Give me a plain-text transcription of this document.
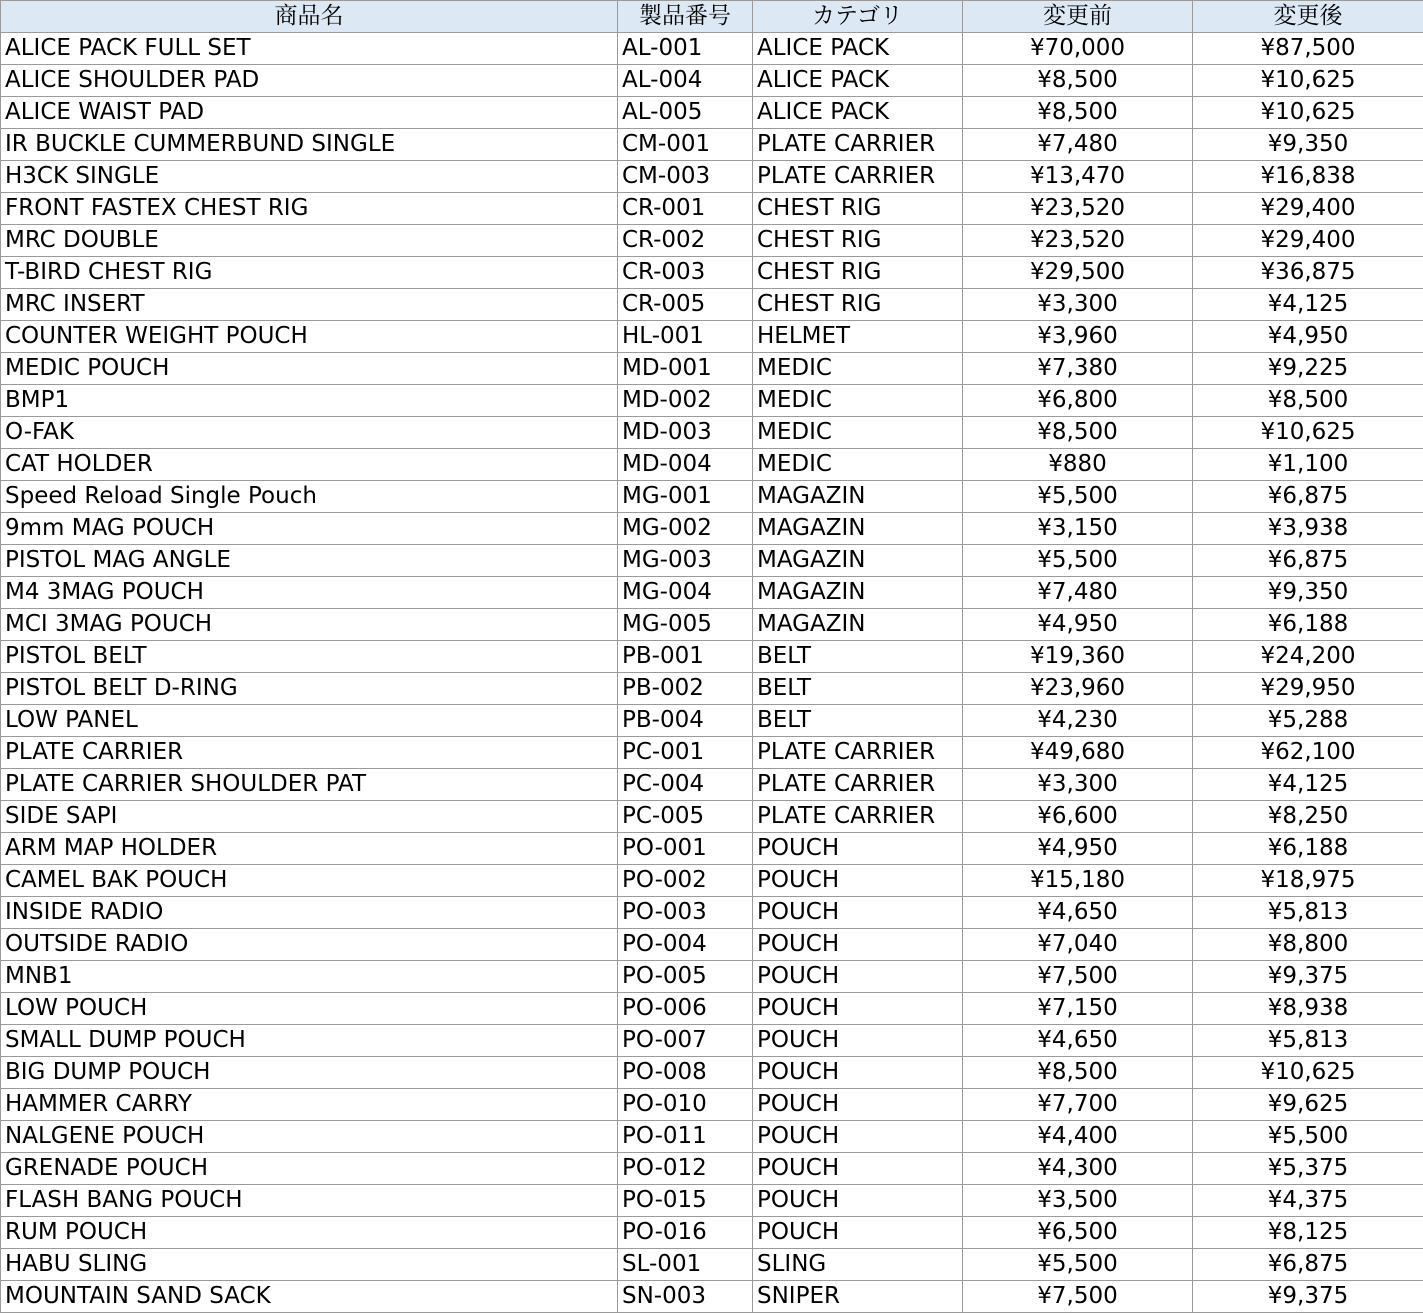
商品名	製品番号	カテゴリ	変更前	変更後
ALICE PACK FULL SET	AL-001	ALICE PACK	¥70,000	¥87,500
ALICE SHOULDER PAD	AL-004	ALICE PACK	¥8,500	¥10,625
ALICE WAIST PAD	AL-005	ALICE PACK	¥8,500	¥10,625
IR BUCKLE CUMMERBUND SINGLE	CM-001	PLATE CARRIER	¥7,480	¥9,350
H3CK SINGLE	CM-003	PLATE CARRIER	¥13,470	¥16,838
FRONT FASTEX CHEST RIG	CR-001	CHEST RIG	¥23,520	¥29,400
MRC DOUBLE	CR-002	CHEST RIG	¥23,520	¥29,400
T-BIRD CHEST RIG	CR-003	CHEST RIG	¥29,500	¥36,875
MRC INSERT	CR-005	CHEST RIG	¥3,300	¥4,125
COUNTER WEIGHT POUCH	HL-001	HELMET	¥3,960	¥4,950
MEDIC POUCH	MD-001	MEDIC	¥7,380	¥9,225
BMP1	MD-002	MEDIC	¥6,800	¥8,500
O-FAK	MD-003	MEDIC	¥8,500	¥10,625
CAT HOLDER	MD-004	MEDIC	¥880	¥1,100
Speed Reload Single Pouch	MG-001	MAGAZIN	¥5,500	¥6,875
9mm MAG POUCH	MG-002	MAGAZIN	¥3,150	¥3,938
PISTOL MAG ANGLE	MG-003	MAGAZIN	¥5,500	¥6,875
M4 3MAG POUCH	MG-004	MAGAZIN	¥7,480	¥9,350
MCI 3MAG POUCH	MG-005	MAGAZIN	¥4,950	¥6,188
PISTOL BELT	PB-001	BELT	¥19,360	¥24,200
PISTOL BELT D-RING	PB-002	BELT	¥23,960	¥29,950
LOW PANEL	PB-004	BELT	¥4,230	¥5,288
PLATE CARRIER	PC-001	PLATE CARRIER	¥49,680	¥62,100
PLATE CARRIER SHOULDER PAT	PC-004	PLATE CARRIER	¥3,300	¥4,125
SIDE SAPI	PC-005	PLATE CARRIER	¥6,600	¥8,250
ARM MAP HOLDER	PO-001	POUCH	¥4,950	¥6,188
CAMEL BAK POUCH	PO-002	POUCH	¥15,180	¥18,975
INSIDE RADIO	PO-003	POUCH	¥4,650	¥5,813
OUTSIDE RADIO	PO-004	POUCH	¥7,040	¥8,800
MNB1	PO-005	POUCH	¥7,500	¥9,375
LOW POUCH	PO-006	POUCH	¥7,150	¥8,938
SMALL DUMP POUCH	PO-007	POUCH	¥4,650	¥5,813
BIG DUMP POUCH	PO-008	POUCH	¥8,500	¥10,625
HAMMER CARRY	PO-010	POUCH	¥7,700	¥9,625
NALGENE POUCH	PO-011	POUCH	¥4,400	¥5,500
GRENADE POUCH	PO-012	POUCH	¥4,300	¥5,375
FLASH BANG POUCH	PO-015	POUCH	¥3,500	¥4,375
RUM POUCH	PO-016	POUCH	¥6,500	¥8,125
HABU SLING	SL-001	SLING	¥5,500	¥6,875
MOUNTAIN SAND SACK	SN-003	SNIPER	¥7,500	¥9,375
